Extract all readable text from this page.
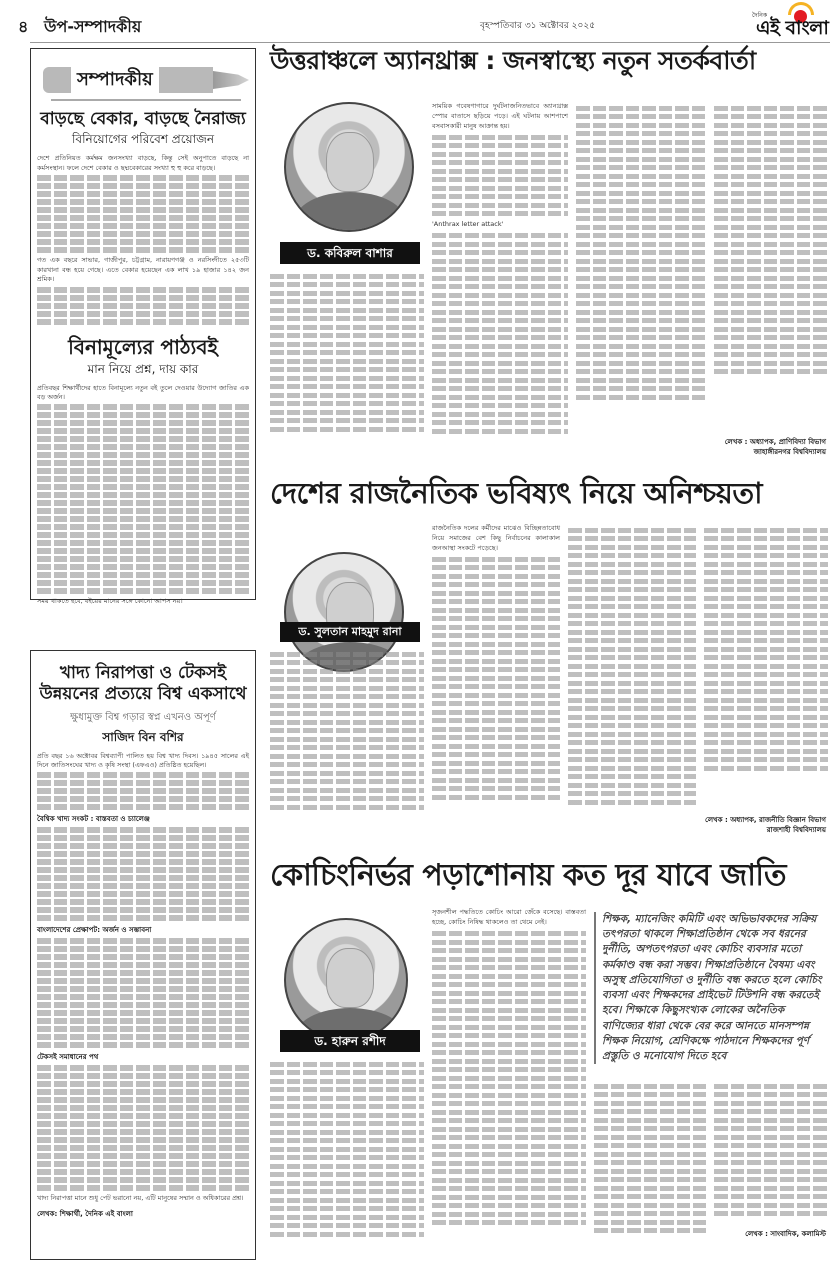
৪ উপ-সম্পাদকীয়	বৃহস্পতিবার ৩১ অক্টোবর ২০২৫
দৈনিক
এই বাংলা
সম্পাদকীয়
বাড়ছে বেকার, বাড়ছে নৈরাজ্য
বিনিয়োগের পরিবেশ প্রয়োজন

দেশে প্রতিনিয়ত কর্মক্ষম জনসংখ্যা বাড়ছে, কিন্তু সেই অনুপাতে বাড়ছে না কর্মসংস্থান। ফলে দেশে বেকার ও ছদ্মবেকারের সংখ্যা হু হু করে বাড়ছে।

গত এক বছরে সাভার, গাজীপুর, চট্টগ্রাম, নারায়ণগঞ্জ ও নরসিংদীতে ২৫৩টি কারখানা বন্ধ হয়ে গেছে। এতে বেকার হয়েছেন এক লাখ ১৯ হাজার ১৪২ জন শ্রমিক।

বিনামূল্যের পাঠ্যবই
মান নিয়ে প্রশ্ন, দায় কার

প্রতিবছর শিক্ষার্থীদের হাতে বিনামূল্যে নতুন বই তুলে দেওয়ার উদ্যোগ জাতির এক বড় অর্জন।

সময় থাকতে হবে, বইয়ের মানের সঙ্গে কোনো আপস নয়।

খাদ্য নিরাপত্তা ও টেকসই উন্নয়নের প্রত্যয়ে বিশ্ব একসাথে
ক্ষুধামুক্ত বিশ্ব গড়ার স্বপ্ন এখনও অপূর্ণ
সাজিদ বিন বশির

প্রতি বছর ১৬ অক্টোবর বিশ্বব্যাপী পালিত হয় বিশ্ব খাদ্য দিবস। ১৯৪৫ সালের এই দিনে জাতিসংঘের খাদ্য ও কৃষি সংস্থা (এফএও) প্রতিষ্ঠিত হয়েছিল।

বৈশ্বিক খাদ্য সংকট : বাস্তবতা ও চ্যালেঞ্জ
বাংলাদেশের প্রেক্ষাপট: অর্জন ও সম্ভাবনা
টেকসই সমাধানের পথ

খাদ্য নিরাপত্তা মানে শুধু পেট ভরানো নয়, এটি মানুষের সম্মান ও অধিকারের প্রশ্ন।

লেখক: শিক্ষার্থী, দৈনিক এই বাংলা
উত্তরাঞ্চলে অ্যানথ্রাক্স : জনস্বাস্থ্যে নতুন সতর্কবার্তা
ড. কবিরুল বাশার

সাময়িক গবেষণাগারে দুর্ঘটনাজনিতভাবে অ্যানথ্রাক্স স্পোর বাতাসে ছড়িয়ে পড়ে। এই ঘটনায় আশপাশে বসবাসকারী মানুষ আক্রান্ত হয়।

'Anthrax letter attack'

লেখক : অধ্যাপক, প্রাণিবিদ্যা বিভাগ
জাহাঙ্গীরনগর বিশ্ববিদ্যালয়
দেশের রাজনৈতিক ভবিষ্যৎ নিয়ে অনিশ্চয়তা
ড. সুলতান মাহমুদ রানা

রাজনৈতিক দলের কর্মীদের মাঝেও বিচ্ছিন্নতাবোধ নিয়ে সমাজের বেশ কিছু নির্বাচনের কালাকাল জনআস্থা সংকটে পড়েছে।

লেখক : অধ্যাপক, রাজনীতি বিজ্ঞান বিভাগ
রাজশাহী বিশ্ববিদ্যালয়
কোচিংনির্ভর পড়াশোনায় কত দূর যাবে জাতি
ড. হারুন রশীদ

সৃজনশীল পদ্ধতিতে কোচিং আরো জেঁকে বসেছে। বাস্তবতা হচ্ছে, কোচিং নিষিদ্ধ থাকলেও তা থেমে নেই।	শিক্ষক, ম্যানেজিং কমিটি এবং অভিভাবকদের সক্রিয় তৎপরতা থাকলে শিক্ষাপ্রতিষ্ঠান থেকে সব ধরনের দুর্নীতি, অপতৎপরতা এবং কোচিং ব্যবসার মতো কর্মকাণ্ড বন্ধ করা সম্ভব। শিক্ষাপ্রতিষ্ঠানে বৈষম্য এবং অসুস্থ প্রতিযোগিতা ও দুর্নীতি বন্ধ করতে হলে কোচিং ব্যবসা এবং শিক্ষকদের প্রাইভেট টিউশনি বন্ধ করতেই হবে। শিক্ষাকে কিছুসংখ্যক লোকের অনৈতিক বাণিজ্যের ধারা থেকে বের করে আনতে মানসম্পন্ন শিক্ষক নিয়োগ, শ্রেণিকক্ষে পাঠদানে শিক্ষকদের পূর্ণ প্রস্তুতি ও মনোযোগ দিতে হবে
লেখক : সাংবাদিক, কলামিস্ট
